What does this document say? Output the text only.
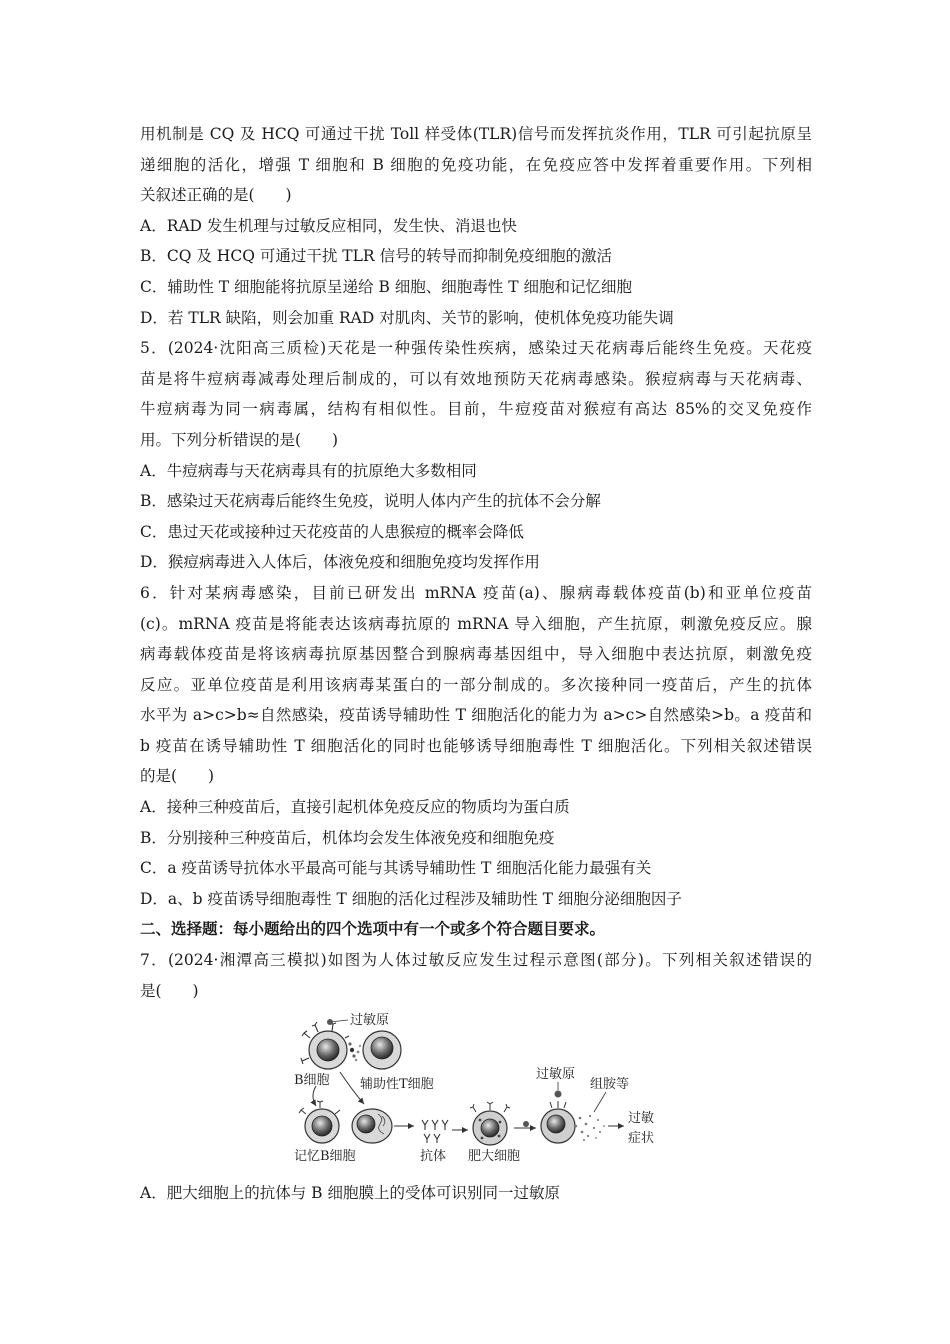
用机制是 CQ 及 HCQ 可通过干扰 Toll 样受体(TLR)信号而发挥抗炎作用，TLR 可引起抗原呈
递细胞的活化，增强 T 细胞和 B 细胞的免疫功能，在免疫应答中发挥着重要作用。下列相
关叙述正确的是(　　)
A．RAD 发生机理与过敏反应相同，发生快、消退也快
B．CQ 及 HCQ 可通过干扰 TLR 信号的转导而抑制免疫细胞的激活
C．辅助性 T 细胞能将抗原呈递给 B 细胞、细胞毒性 T 细胞和记忆细胞
D．若 TLR 缺陷，则会加重 RAD 对肌肉、关节的影响，使机体免疫功能失调
5．(2024·沈阳高三质检)天花是一种强传染性疾病，感染过天花病毒后能终生免疫。天花疫
苗是将牛痘病毒减毒处理后制成的，可以有效地预防天花病毒感染。猴痘病毒与天花病毒、
牛痘病毒为同一病毒属，结构有相似性。目前，牛痘疫苗对猴痘有高达 85%的交叉免疫作
用。下列分析错误的是(　　)
A．牛痘病毒与天花病毒具有的抗原绝大多数相同
B．感染过天花病毒后能终生免疫，说明人体内产生的抗体不会分解
C．患过天花或接种过天花疫苗的人患猴痘的概率会降低
D．猴痘病毒进入人体后，体液免疫和细胞免疫均发挥作用
6．针对某病毒感染，目前已研发出 mRNA 疫苗(a)、腺病毒载体疫苗(b)和亚单位疫苗
(c)。mRNA 疫苗是将能表达该病毒抗原的 mRNA 导入细胞，产生抗原，刺激免疫反应。腺
病毒载体疫苗是将该病毒抗原基因整合到腺病毒基因组中，导入细胞中表达抗原，刺激免疫
反应。亚单位疫苗是利用该病毒某蛋白的一部分制成的。多次接种同一疫苗后，产生的抗体
水平为 a>c>b≈自然感染，疫苗诱导辅助性 T 细胞活化的能力为 a>c>自然感染>b。a 疫苗和
b 疫苗在诱导辅助性 T 细胞活化的同时也能够诱导细胞毒性 T 细胞活化。下列相关叙述错误
的是(　　)
A．接种三种疫苗后，直接引起机体免疫反应的物质均为蛋白质
B．分别接种三种疫苗后，机体均会发生体液免疫和细胞免疫
C．a 疫苗诱导抗体水平最高可能与其诱导辅助性 T 细胞活化能力最强有关
D．a、b 疫苗诱导细胞毒性 T 细胞的活化过程涉及辅助性 T 细胞分泌细胞因子
二、选择题：每小题给出的四个选项中有一个或多个符合题目要求。
7．(2024·湘潭高三模拟)如图为人体过敏反应发生过程示意图(部分)。下列相关叙述错误的
是(　　)
过敏原
B细胞 辅助性T细胞
记忆B细胞	抗体 肥大细胞
过敏原
组胺等
过敏
症状
A．肥大细胞上的抗体与 B 细胞膜上的受体可识别同一过敏原
